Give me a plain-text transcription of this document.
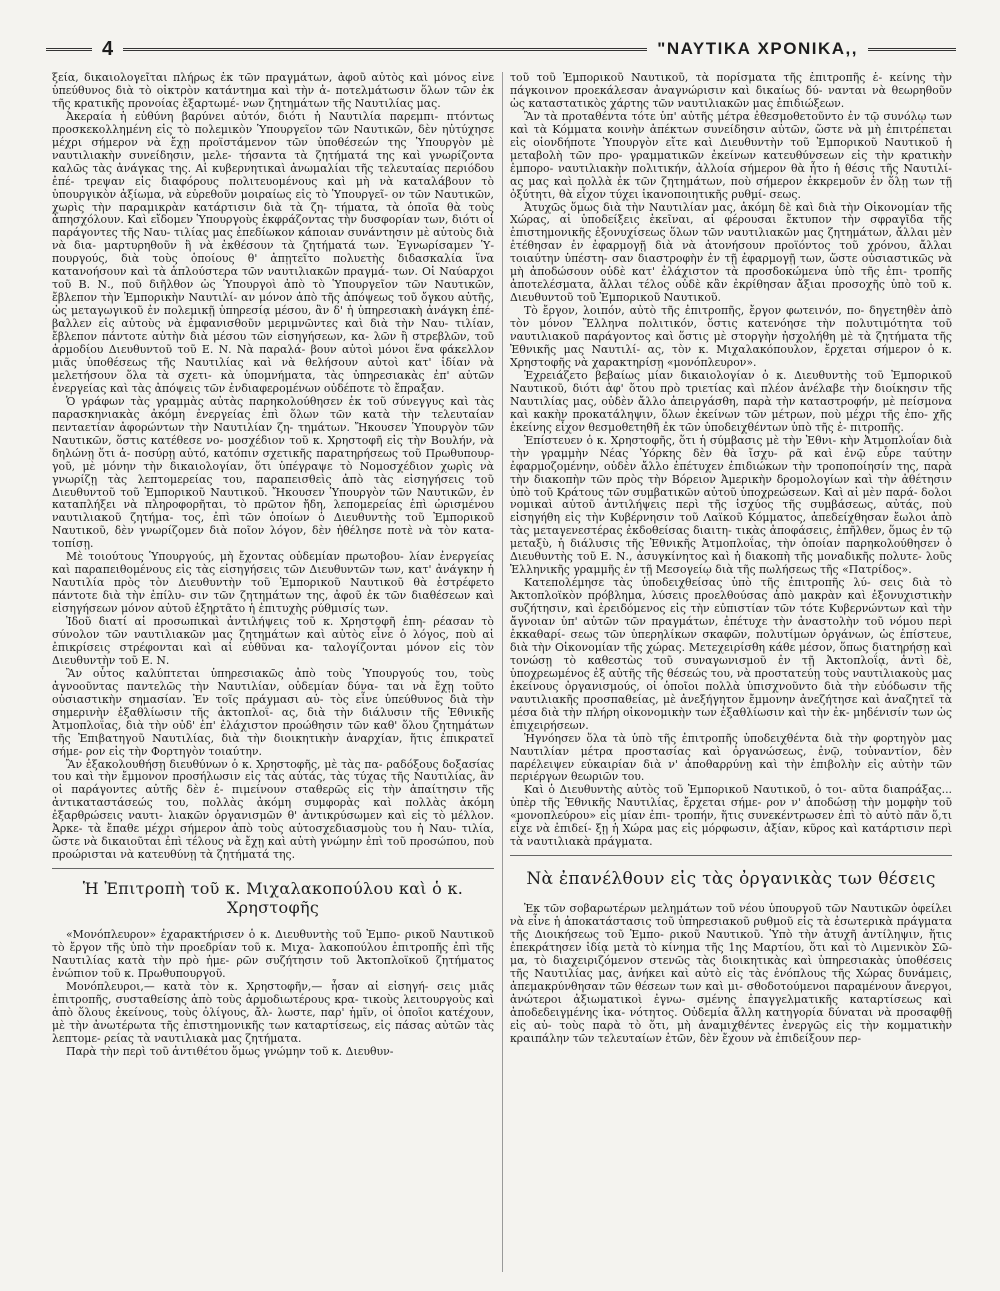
4	"ΝΑΥΤΙΚΑ ΧΡΟΝΙΚΑ,,

ξεία, δικαιολογεῖται πλήρως ἐκ τῶν πραγμάτων, ἀφοῦ αὐτὸς καὶ μόνος εἶνε ὑπεύθυνος διὰ τὸ οἰκτρὸν κατάντημα καὶ τὴν ἀ- ποτελμάτωσιν ὅλων τῶν ἐκ τῆς κρατικῆς προνοίας ἐξαρτωμέ- νων ζητημάτων τῆς Ναυτιλίας μας.

Ἀκεραία ἡ εὐθύνη βαρύνει αὐτόν, διότι ἡ Ναυτιλία παρεμπι- πτόντως προσκεκολλημένη εἰς τὸ πολεμικὸν Ὑπουργεῖον τῶν Ναυτικῶν, δὲν ηὐτύχησε μέχρι σήμερον νὰ ἔχῃ προϊστάμενον τῶν ὑποθέσεών της Ὑπουργὸν μὲ ναυτιλιακὴν συνείδησιν, μελε- τήσαντα τὰ ζητήματά της καὶ γνωρίζοντα καλῶς τὰς ἀνάγκας της. Αἱ κυβερνητικαὶ ἀνωμαλίαι τῆς τελευταίας περιόδου ἐπέ- τρεψαν εἰς διαφόρους πολιτευομένους καὶ μὴ νὰ καταλάβουν τὸ ὑπουργικὸν ἀξίωμα, νὰ εὑρεθοῦν μοιραίως εἰς τὸ Ὑπουργεῖ- ον τῶν Ναυτικῶν, χωρὶς τὴν παραμικρὰν κατάρτισιν διὰ τὰ ζη- τήματα, τὰ ὁποῖα θὰ τοὺς ἀπησχόλουν. Καὶ εἴδομεν Ὑπουργοὺς ἐκφράζοντας τὴν δυσφορίαν των, διότι οἱ παράγοντες τῆς Ναυ- τιλίας μας ἐπεδίωκον κάποιαν συνάντησιν μὲ αὐτοὺς διὰ νὰ δια- μαρτυρηθοῦν ἢ νὰ ἐκθέσουν τὰ ζητήματά των. Ἐγνωρίσαμεν Ὑ- πουργούς, διὰ τοὺς ὁποίους θ' ἀπῃτεῖτο πολυετὴς διδασκαλία ἵνα κατανοήσουν καὶ τὰ ἁπλούστερα τῶν ναυτιλιακῶν πραγμά- των. Οἱ Ναύαρχοι τοῦ Β. Ν., ποῦ διῆλθον ὡς Ὑπουργοὶ ἀπὸ τὸ Ὑπουργεῖον τῶν Ναυτικῶν, ἔβλεπον τὴν Ἐμπορικὴν Ναυτιλί- αν μόνον ἀπὸ τῆς ἀπόψεως τοῦ ὄγκου αὐτῆς, ὡς μεταγωγικοῦ ἐν πολεμικῇ ὑπηρεσίᾳ μέσου, ἂν δ' ἡ ὑπηρεσιακὴ ἀνάγκη ἐπέ- βαλλεν εἰς αὐτοὺς νὰ ἐμφανισθοῦν μεριμνῶντες καὶ διὰ τὴν Ναυ- τιλίαν, ἔβλεπον πάντοτε αὐτὴν διὰ μέσου τῶν εἰσηγήσεων, κα- λῶν ἢ στρεβλῶν, τοῦ ἁρμοδίου Διευθυντοῦ τοῦ Ε. Ν. Νὰ παραλά- βουν αὐτοὶ μόνοι ἕνα φάκελλον μιᾶς ὑποθέσεως τῆς Ναυτιλίας καὶ νὰ θελήσουν αὐτοὶ κατ' ἰδίαν νὰ μελετήσουν ὅλα τὰ σχετι- κὰ ὑπομνήματα, τὰς ὑπηρεσιακὰς ἐπ' αὐτῶν ἐνεργείας καὶ τὰς ἀπόψεις τῶν ἐνδιαφερομένων οὐδέποτε τὸ ἔπραξαν.

Ὁ γράφων τὰς γραμμὰς αὐτὰς παρηκολούθησεν ἐκ τοῦ σύνεγγυς καὶ τὰς παρασκηνιακὰς ἀκόμη ἐνεργείας ἐπὶ ὅλων τῶν κατὰ τὴν τελευταίαν πενταετίαν ἀφορώντων τὴν Ναυτιλίαν ζη- τημάτων. Ἤκουσεν Ὑπουργὸν τῶν Ναυτικῶν, ὅστις κατέθεσε νο- μοσχέδιον τοῦ κ. Χρηστοφῆ εἰς τὴν Βουλήν, νὰ δηλώνῃ ὅτι ἀ- ποσύρῃ αὐτό, κατόπιν σχετικῆς παρατηρήσεως τοῦ Πρωθυπουρ- γοῦ, μὲ μόνην τὴν δικαιολογίαν, ὅτι ὑπέγραψε τὸ Νομοσχέδιον χωρὶς νὰ γνωρίζῃ τὰς λεπτομερείας του, παραπεισθεὶς ἀπὸ τὰς εἰσηγήσεις τοῦ Διευθυντοῦ τοῦ Ἐμπορικοῦ Ναυτικοῦ. Ἤκουσεν Ὑπουργὸν τῶν Ναυτικῶν, ἐν καταπλήξει νὰ πληροφορῆται, τὸ πρῶτον ἤδη, λεπομερείας ἐπὶ ὡρισμένου ναυτιλιακοῦ ζητήμα- τος, ἐπὶ τῶν ὁποίων ὁ Διευθυντὴς τοῦ Ἐμπορικοῦ Ναυτικοῦ, δὲν γνωρίζομεν διὰ ποῖον λόγον, δὲν ἠθέλησε ποτὲ νὰ τὸν κατα- τοπίσῃ.

Μὲ τοιούτους Ὑπουργούς, μὴ ἔχοντας οὐδεμίαν πρωτοβου- λίαν ἐνεργείας καὶ παραπειθομένους εἰς τὰς εἰσηγήσεις τῶν Διευθυντῶν των, κατ' ἀνάγκην ἡ Ναυτιλία πρὸς τὸν Διευθυντὴν τοῦ Ἐμπορικοῦ Ναυτικοῦ θὰ ἐστρέφετο πάντοτε διὰ τὴν ἐπίλυ- σιν τῶν ζητημάτων της, ἀφοῦ ἐκ τῶν διαθέσεων καὶ εἰσηγήσεων μόνον αὐτοῦ ἐξηρτᾶτο ἡ ἐπιτυχὴς ρύθμισίς των.

Ἰδοῦ διατί αἱ προσωπικαὶ ἀντιλήψεις τοῦ κ. Χρηστοφῆ ἐπη- ρέασαν τὸ σύνολον τῶν ναυτιλιακῶν μας ζητημάτων καὶ αὐτὸς εἶνε ὁ λόγος, ποὺ αἱ ἐπικρίσεις στρέφονται καὶ αἱ εὐθῦναι κα- ταλογίζονται μόνον εἰς τὸν Διευθυντὴν τοῦ Ε. Ν.

Ἂν οὗτος καλύπτεται ὑπηρεσιακῶς ἀπὸ τοὺς Ὑπουργούς του, τοὺς ἀγνοοῦντας παντελῶς τὴν Ναυτιλίαν, οὐδεμίαν δύνα- ται νὰ ἔχῃ τοῦτο οὐσιαστικὴν σημασίαν. Ἐν τοῖς πράγμασι αὐ- τὸς εἶνε ὑπεύθυνος διὰ τὴν σημερινὴν ἐξαθλίωσιν τῆς ἀκτοπλοΐ- ας, διὰ τὴν διάλυσιν τῆς Ἐθνικῆς Ἀτμοπλοΐας, διὰ τὴν οὐδ' ἐπ' ἐλάχιστον προώθησιν τῶν καθ' ὅλου ζητημάτων τῆς Ἐπιβατηγοῦ Ναυτιλίας, διὰ τὴν διοικητικὴν ἀναρχίαν, ἥτις ἐπικρατεῖ σήμε- ρον εἰς τὴν Φορτηγὸν τοιαύτην.

Ἂν ἐξακολουθήσῃ διευθύνων ὁ κ. Χρηστοφῆς, μὲ τὰς πα- ραδόξους δοξασίας του καὶ τὴν ἔμμονον προσήλωσιν εἰς τὰς αὐτάς, τὰς τύχας τῆς Ναυτιλίας, ἂν οἱ παράγοντες αὐτῆς δὲν ἐ- πιμείνουν σταθερῶς εἰς τὴν ἀπαίτησιν τῆς ἀντικαταστάσεώς του, πολλὰς ἀκόμη συμφορὰς καὶ πολλὰς ἀκόμη ἐξαρθρώσεις ναυτι- λιακῶν ὀργανισμῶν θ' ἀντικρύσωμεν καὶ εἰς τὸ μέλλον. Ἀρκε- τὰ ἔπαθε μέχρι σήμερον ἀπὸ τοὺς αὐτοσχεδιασμοὺς του ἡ Ναυ- τιλία, ὥστε νὰ δικαιοῦται ἐπὶ τέλους νὰ ἔχῃ καὶ αὐτὴ γνώμην ἐπὶ τοῦ προσώπου, ποὺ προώρισται νὰ κατευθύνῃ τὰ ζητήματά της.

Ἡ Ἐπιτροπὴ τοῦ κ. Μιχαλακοπούλου καὶ ὁ κ. Χρηστοφῆς

«Μονόπλευρον» ἐχαρακτήρισεν ὁ κ. Διευθυντὴς τοῦ Ἐμπο- ρικοῦ Ναυτικοῦ τὸ ἔργον τῆς ὑπὸ τὴν προεδρίαν τοῦ κ. Μιχα- λακοπούλου ἐπιτροπῆς ἐπὶ τῆς Ναυτιλίας κατὰ τὴν πρὸ ἡμε- ρῶν συζήτησιν τοῦ Ἀκτοπλοϊκοῦ ζητήματος ἐνώπιον τοῦ κ. Πρωθυπουργοῦ.

Μονόπλευροι,— κατὰ τὸν κ. Χρηστοφῆν,— ἦσαν αἱ εἰσηγή- σεις μιᾶς ἐπιτροπῆς, συσταθείσης ἀπὸ τοὺς ἁρμοδιωτέρους κρα- τικοὺς λειτουργοὺς καὶ ἀπὸ ὅλους ἐκείνους, τοὺς ὀλίγους, ἄλ- λωστε, παρ' ἡμῖν, οἱ ὁποῖοι κατέχουν, μὲ τὴν ἀνωτέρωτα τῆς ἐπιστημονικῆς των καταρτίσεως, εἰς πάσας αὐτῶν τὰς λεπτομε- ρείας τὰ ναυτιλιακὰ μας ζητήματα.

Παρὰ τὴν περὶ τοῦ ἀντιθέτου ὅμως γνώμην τοῦ κ. Διευθυν-

τοῦ τοῦ Ἐμπορικοῦ Ναυτικοῦ, τὰ πορίσματα τῆς ἐπιτροπῆς ἐ- κείνης τὴν πάγκοινον προεκάλεσαν ἀναγνώρισιν καὶ δικαίως δύ- νανται νὰ θεωρηθοῦν ὡς καταστατικὸς χάρτης τῶν ναυτιλιακῶν μας ἐπιδιώξεων.

Ἂν τὰ προταθέντα τότε ὑπ' αὐτῆς μέτρα ἐθεσμοθετοῦντο ἐν τῷ συνόλῳ των καὶ τὰ Κόμματα κοινὴν ἀπέκτων συνείδησιν αὐτῶν, ὥστε νὰ μὴ ἐπιτρέπεται εἰς οἱονδήποτε Ὑπουργὸν εἴτε καὶ Διευθυντὴν τοῦ Ἐμπορικοῦ Ναυτικοῦ ἡ μεταβολὴ τῶν προ- γραμματικῶν ἐκείνων κατευθύνσεων εἰς τὴν κρατικὴν ἐμπορο- ναυτιλιακὴν πολιτικήν, ἀλλοία σήμερον θὰ ἦτο ἡ θέσις τῆς Ναυτιλί- ας μας καὶ πολλὰ ἐκ τῶν ζητημάτων, ποὺ σήμερον ἐκκρεμοῦν ἐν ὅλῃ των τῇ ὀξύτητι, θὰ εἶχον τύχει ἱκανοποιητικῆς ρυθμί- σεως.

Ἀτυχῶς ὅμως διὰ τὴν Ναυτιλίαν μας, ἀκόμη δὲ καὶ διὰ τὴν Οἰκονομίαν τῆς Χώρας, αἱ ὑποδείξεις ἐκεῖναι, αἱ φέρουσαι ἔκτυπον τὴν σφραγῖδα τῆς ἐπιστημονικῆς ἐξονυχίσεως ὅλων τῶν ναυτιλιακῶν μας ζητημάτων, ἄλλαι μὲν ἐτέθησαν ἐν ἐφαρμογῇ διὰ νὰ ἀτονήσουν προϊόντος τοῦ χρόνου, ἄλλαι τοιαύτην ὑπέστη- σαν διαστροφὴν ἐν τῇ ἐφαρμογῇ των, ὥστε οὐσιαστικῶς νὰ μὴ ἀποδώσουν οὐδὲ κατ' ἐλάχιστον τὰ προσδοκώμενα ὑπὸ τῆς ἐπι- τροπῆς ἀποτελέσματα, ἄλλαι τέλος οὐδὲ κἂν ἐκρίθησαν ἄξιαι προσοχῆς ὑπὸ τοῦ κ. Διευθυντοῦ τοῦ Ἐμπορικοῦ Ναυτικοῦ.

Τὸ ἔργον, λοιπόν, αὐτὸ τῆς ἐπιτροπῆς, ἔργον φωτεινόν, πο- δηγετηθὲν ἀπὸ τὸν μόνον Ἕλληνα πολιτικόν, ὅστις κατενόησε τὴν πολυτιμότητα τοῦ ναυτιλιακοῦ παράγοντος καὶ ὅστις μὲ στοργὴν ἠσχολήθη μὲ τὰ ζητήματα τῆς Ἐθνικῆς μας Ναυτιλί- ας, τὸν κ. Μιχαλακόπουλον, ἔρχεται σήμερον ὁ κ. Χρηστοφῆς νὰ χαρακτηρίσῃ «μονόπλευρον».

Ἐχρειάζετο βεβαίως μίαν δικαιολογίαν ὁ κ. Διευθυντὴς τοῦ Ἐμπορικοῦ Ναυτικοῦ, διότι ἀφ' ὅτου πρὸ τριετίας καὶ πλέον ἀνέλαβε τὴν διοίκησιν τῆς Ναυτιλίας μας, οὐδὲν ἄλλο ἀπειργάσθη, παρὰ τὴν καταστροφήν, μὲ πείσμονα καὶ κακὴν προκατάληψιν, ὅλων ἐκείνων τῶν μέτρων, ποὺ μέχρι τῆς ἐπο- χῆς ἐκείνης εἶχον θεσμοθετηθῆ ἐκ τῶν ὑποδειχθέντων ὑπὸ τῆς ἐ- πιτροπῆς.

Ἐπίστευεν ὁ κ. Χρηστοφῆς, ὅτι ἡ σύμβασις μὲ τὴν Ἐθνι- κὴν Ἀτμοπλοΐαν διὰ τὴν γραμμὴν Νέας Ὑόρκης δὲν θὰ ἴσχυ- ρᾶ καὶ ἐνῷ εὗρε ταύτην ἐφαρμοζομένην, οὐδὲν ἄλλο ἐπέτυχεν ἐπιδιώκων τὴν τροποποίησίν της, παρὰ τὴν διακοπὴν τῶν πρὸς τὴν Βόρειον Ἀμερικὴν δρομολογίων καὶ τὴν ἀθέτησιν ὑπὸ τοῦ Κράτους τῶν συμβατικῶν αὐτοῦ ὑποχρεώσεων. Καὶ αἱ μὲν παρά- δολοι νομικαὶ αὐτοῦ ἀντιλήψεις περὶ τῆς ἰσχύος τῆς συμβάσεως, αὐτάς, ποὺ εἰσηγήθη εἰς τὴν Κυβέρνησιν τοῦ Λαϊκοῦ Κόμματος, ἀπεδείχθησαν ἔωλοι ἀπὸ τὰς μεταγενεστέρας ἐκδοθείσας διαιτη- τικὰς ἀποφάσεις, ἐπῆλθεν, ὅμως ἐν τῷ μεταξὺ, ἡ διάλυσις τῆς Ἐθνικῆς Ἀτμοπλοΐας, τὴν ὁποίαν παρηκολούθησεν ὁ Διευθυντὴς τοῦ Ε. Ν., ἀσυγκίνητος καὶ ἡ διακοπὴ τῆς μοναδικῆς πολυτε- λοῦς Ἑλληνικῆς γραμμῆς ἐν τῇ Μεσογείῳ διὰ τῆς πωλήσεως τῆς «Πατρίδος».

Κατεπολέμησε τὰς ὑποδειχθείσας ὑπὸ τῆς ἐπιτροπῆς λύ- σεις διὰ τὸ Ἀκτοπλοϊκὸν πρόβλημα, λύσεις προελθούσας ἀπὸ μακρὰν καὶ ἐξονυχιστικὴν συζήτησιν, καὶ ἐρειδόμενος εἰς τὴν εὐπιστίαν τῶν τότε Κυβερνώντων καὶ τὴν ἄγνοιαν ὑπ' αὐτῶν τῶν πραγμάτων, ἐπέτυχε τὴν ἀναστολὴν τοῦ νόμου περὶ ἐκκαθαρί- σεως τῶν ὑπερηλίκων σκαφῶν, πολυτίμων ὀργάνων, ὡς ἐπίστευε, διὰ τὴν Οἰκονομίαν τῆς χώρας. Μετεχειρίσθη κάθε μέσον, ὅπως διατηρήσῃ καὶ τονώσῃ τὸ καθεστὼς τοῦ συναγωνισμοῦ ἐν τῇ Ἀκτοπλοΐᾳ, ἀντὶ δὲ, ὑποχρεωμένος ἐξ αὐτῆς τῆς θέσεώς του, νὰ προστατεύῃ τοὺς ναυτιλιακοὺς μας ἐκείνους ὀργανισμούς, οἱ ὁποῖοι πολλὰ ὑπισχνοῦντο διὰ τὴν εὐόδωσιν τῆς ναυτιλιακῆς προσπαθείας, μὲ ἀνεξήγητον ἔμμονην ἀνεζήτησε καὶ ἀναζητεῖ τὰ μέσα διὰ τὴν πλήρη οἰκονομικὴν των ἐξαθλίωσιν καὶ τὴν ἐκ- μηδένισίν των ὡς ἐπιχειρήσεων.

Ἠγνόησεν ὅλα τὰ ὑπὸ τῆς ἐπιτροπῆς ὑποδειχθέντα διὰ τὴν φορτηγὸν μας Ναυτιλίαν μέτρα προστασίας καὶ ὀργανώσεως, ἐνῷ, τοὐναντίον, δὲν παρέλειψεν εὐκαιρίαν διὰ ν' ἀποθαρρύνῃ καὶ τὴν ἐπιβολὴν εἰς αὐτὴν τῶν περιέργων θεωριῶν του.

Καὶ ὁ Διευθυντὴς αὐτὸς τοῦ Ἐμπορικοῦ Ναυτικοῦ, ὁ τοι- αῦτα διαπράξας... ὑπὲρ τῆς Ἐθνικῆς Ναυτιλίας, ἔρχεται σήμε- ρον ν' ἀποδώσῃ τὴν μομφὴν τοῦ «μονοπλεύρου» εἰς μίαν ἐπι- τροπήν, ἥτις συνεκέντρωσεν ἐπὶ τὸ αὐτὸ πᾶν ὅ,τι εἶχε νὰ ἐπιδεί- ξῃ ἡ Χώρα μας εἰς μόρφωσιν, ἀξίαν, κῦρος καὶ κατάρτισιν περὶ τὰ ναυτιλιακὰ πράγματα.

Νὰ ἐπανέλθουν εἰς τὰς ὀργανικὰς των θέσεις

Ἐκ τῶν σοβαρωτέρων μελημάτων τοῦ νέου ὑπουργοῦ τῶν Ναυτικῶν ὀφείλει νὰ εἶνε ἡ ἀποκατάστασις τοῦ ὑπηρεσιακοῦ ρυθμοῦ εἰς τὰ ἐσωτερικὰ πράγματα τῆς Διοικήσεως τοῦ Ἐμπο- ρικοῦ Ναυτικοῦ. Ὑπὸ τὴν ἀτυχῆ ἀντίληψιν, ἥτις ἐπεκράτησεν ἰδίᾳ μετὰ τὸ κίνημα τῆς 1ης Μαρτίου, ὅτι καὶ τὸ Λιμενικὸν Σῶ- μα, τὸ διαχειριζόμενον στενῶς τὰς διοικητικὰς καὶ ὑπηρεσιακὰς ὑποθέσεις τῆς Ναυτιλίας μας, ἀνήκει καὶ αὐτὸ εἰς τὰς ἐνόπλους τῆς Χώρας δυνάμεις, ἀπεμακρύνθησαν τῶν θέσεων των καὶ μι- σθοδοτούμενοι παραμένουν ἄνεργοι, ἀνώτεροι ἀξιωματικοὶ ἐγνω- σμένης ἐπαγγελματικῆς καταρτίσεως καὶ ἀποδεδειγμένης ἱκα- νότητος. Οὐδεμία ἄλλη κατηγορία δύναται νὰ προσαφθῇ εἰς αὐ- τοὺς παρὰ τὸ ὅτι, μὴ ἀναμιχθέντες ἐνεργῶς εἰς τὴν κομματικὴν κραιπάλην τῶν τελευταίων ἐτῶν, δὲν ἔχουν νὰ ἐπιδείξουν περ-
